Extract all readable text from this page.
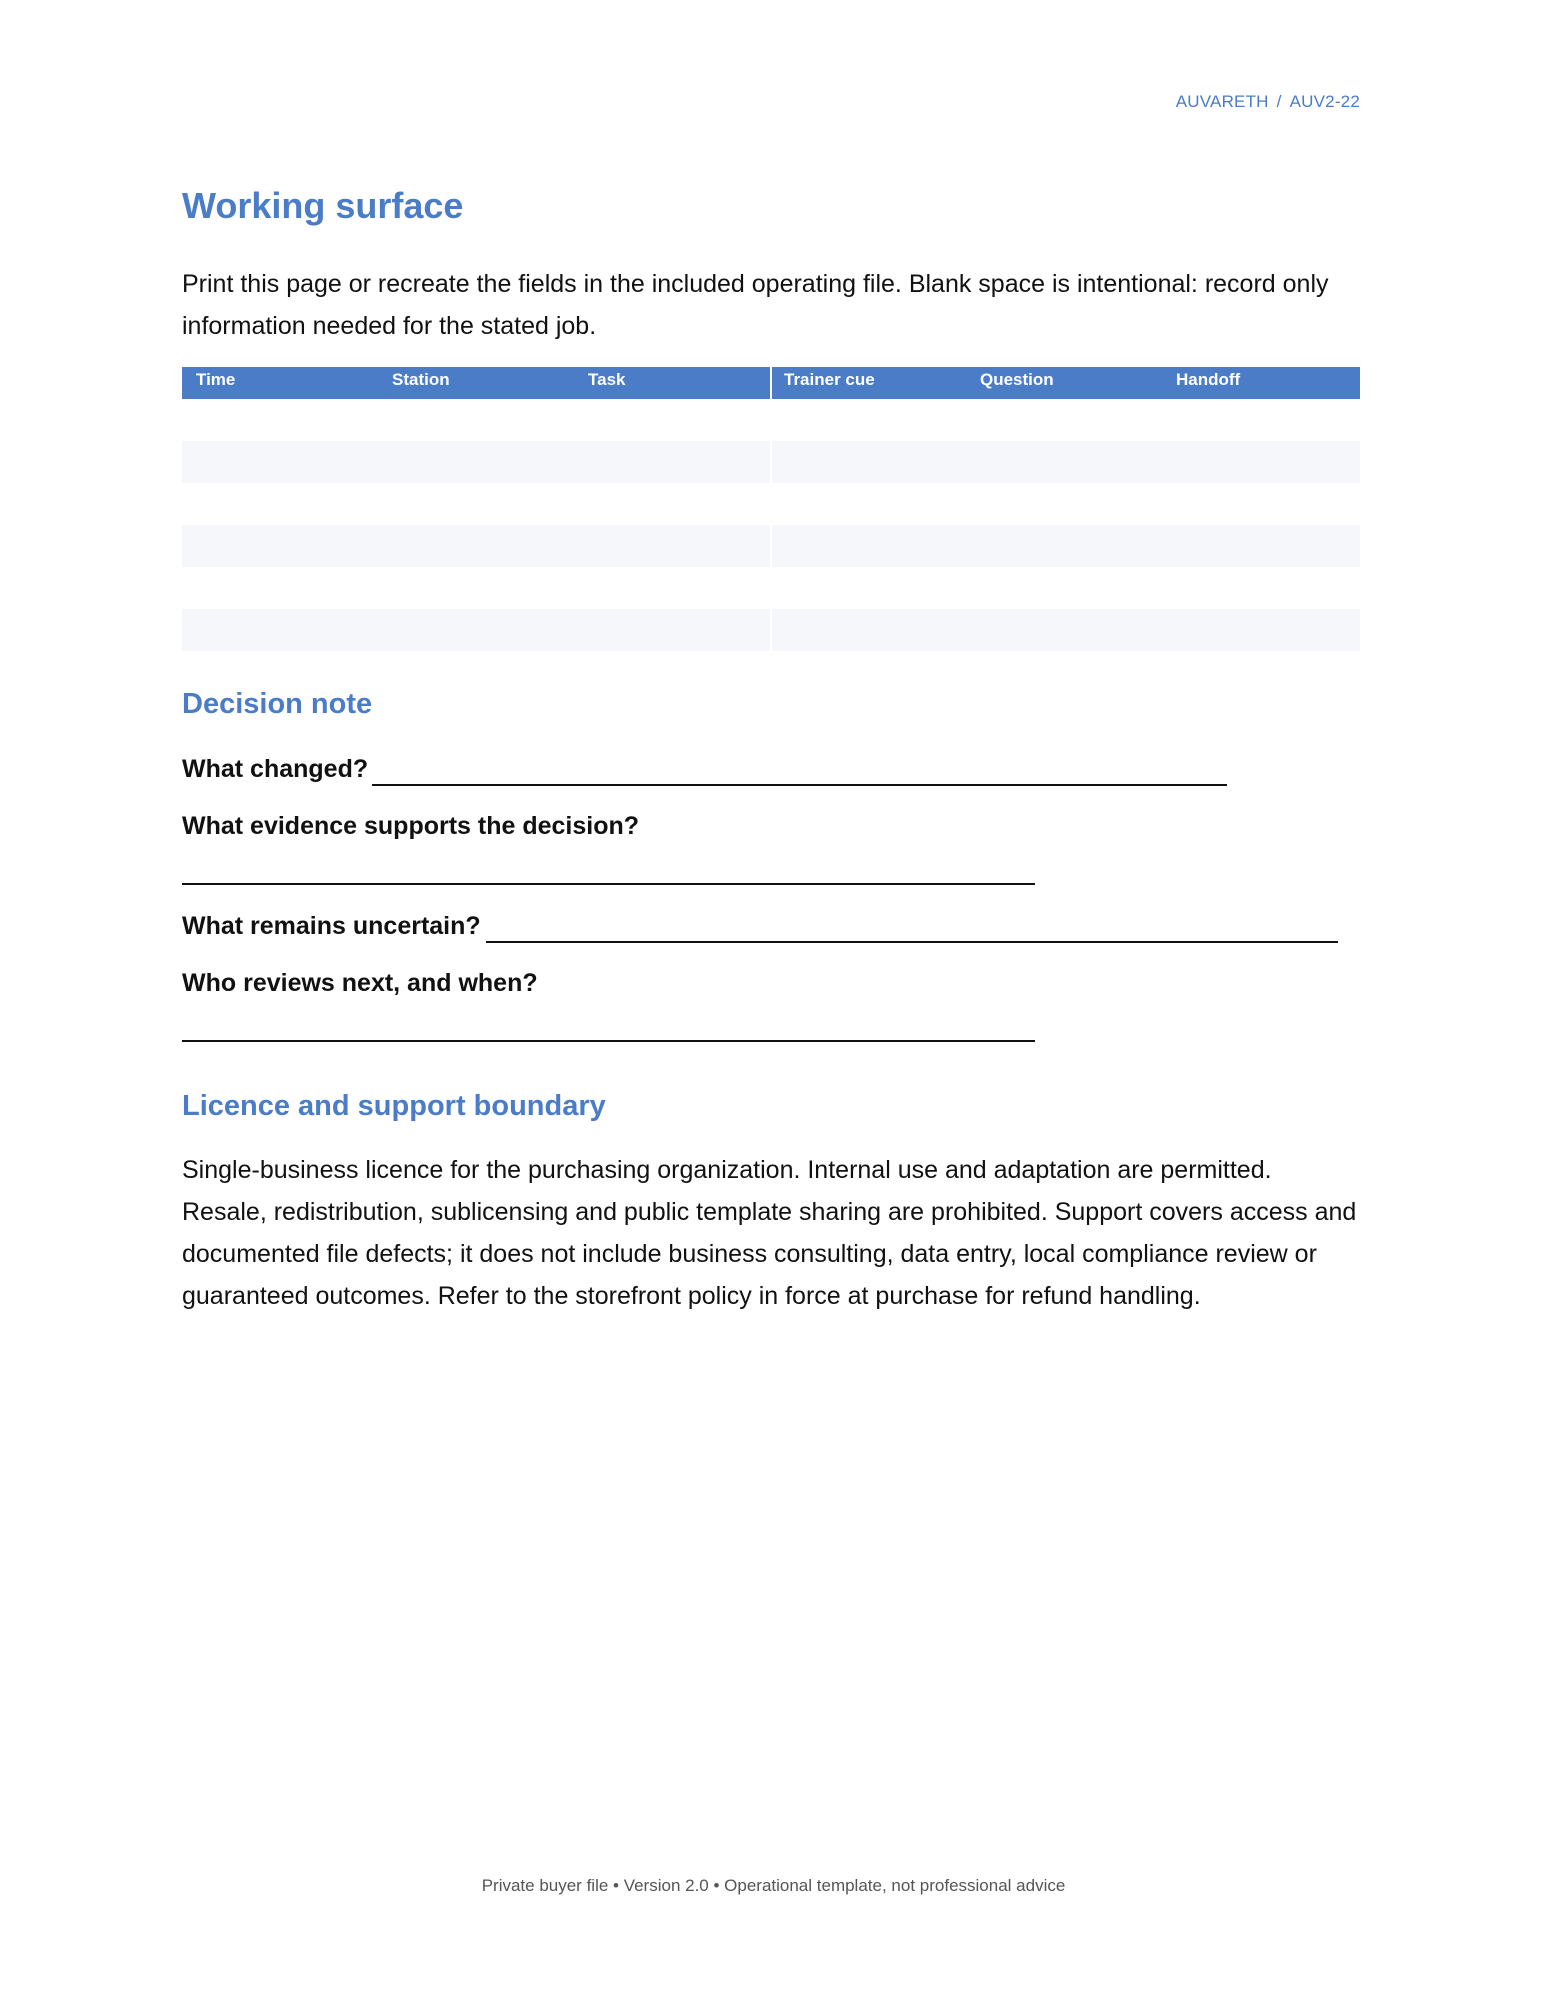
AUVARETH / AUV2-22
Working surface

Print this page or recreate the fields in the included operating file. Blank space is intentional: record only information needed for the stated job.

Time	Station	Task	Trainer cue	Question	Handoff
Decision note
What changed?
What evidence supports the decision?
What remains uncertain?
Who reviews next, and when?
Licence and support boundary

Single-business licence for the purchasing organization. Internal use and adaptation are permitted. Resale, redistribution, sublicensing and public template sharing are prohibited. Support covers access and documented file defects; it does not include business consulting, data entry, local compliance review or guaranteed outcomes. Refer to the storefront policy in force at purchase for refund handling.

Private buyer file • Version 2.0 • Operational template, not professional advice
